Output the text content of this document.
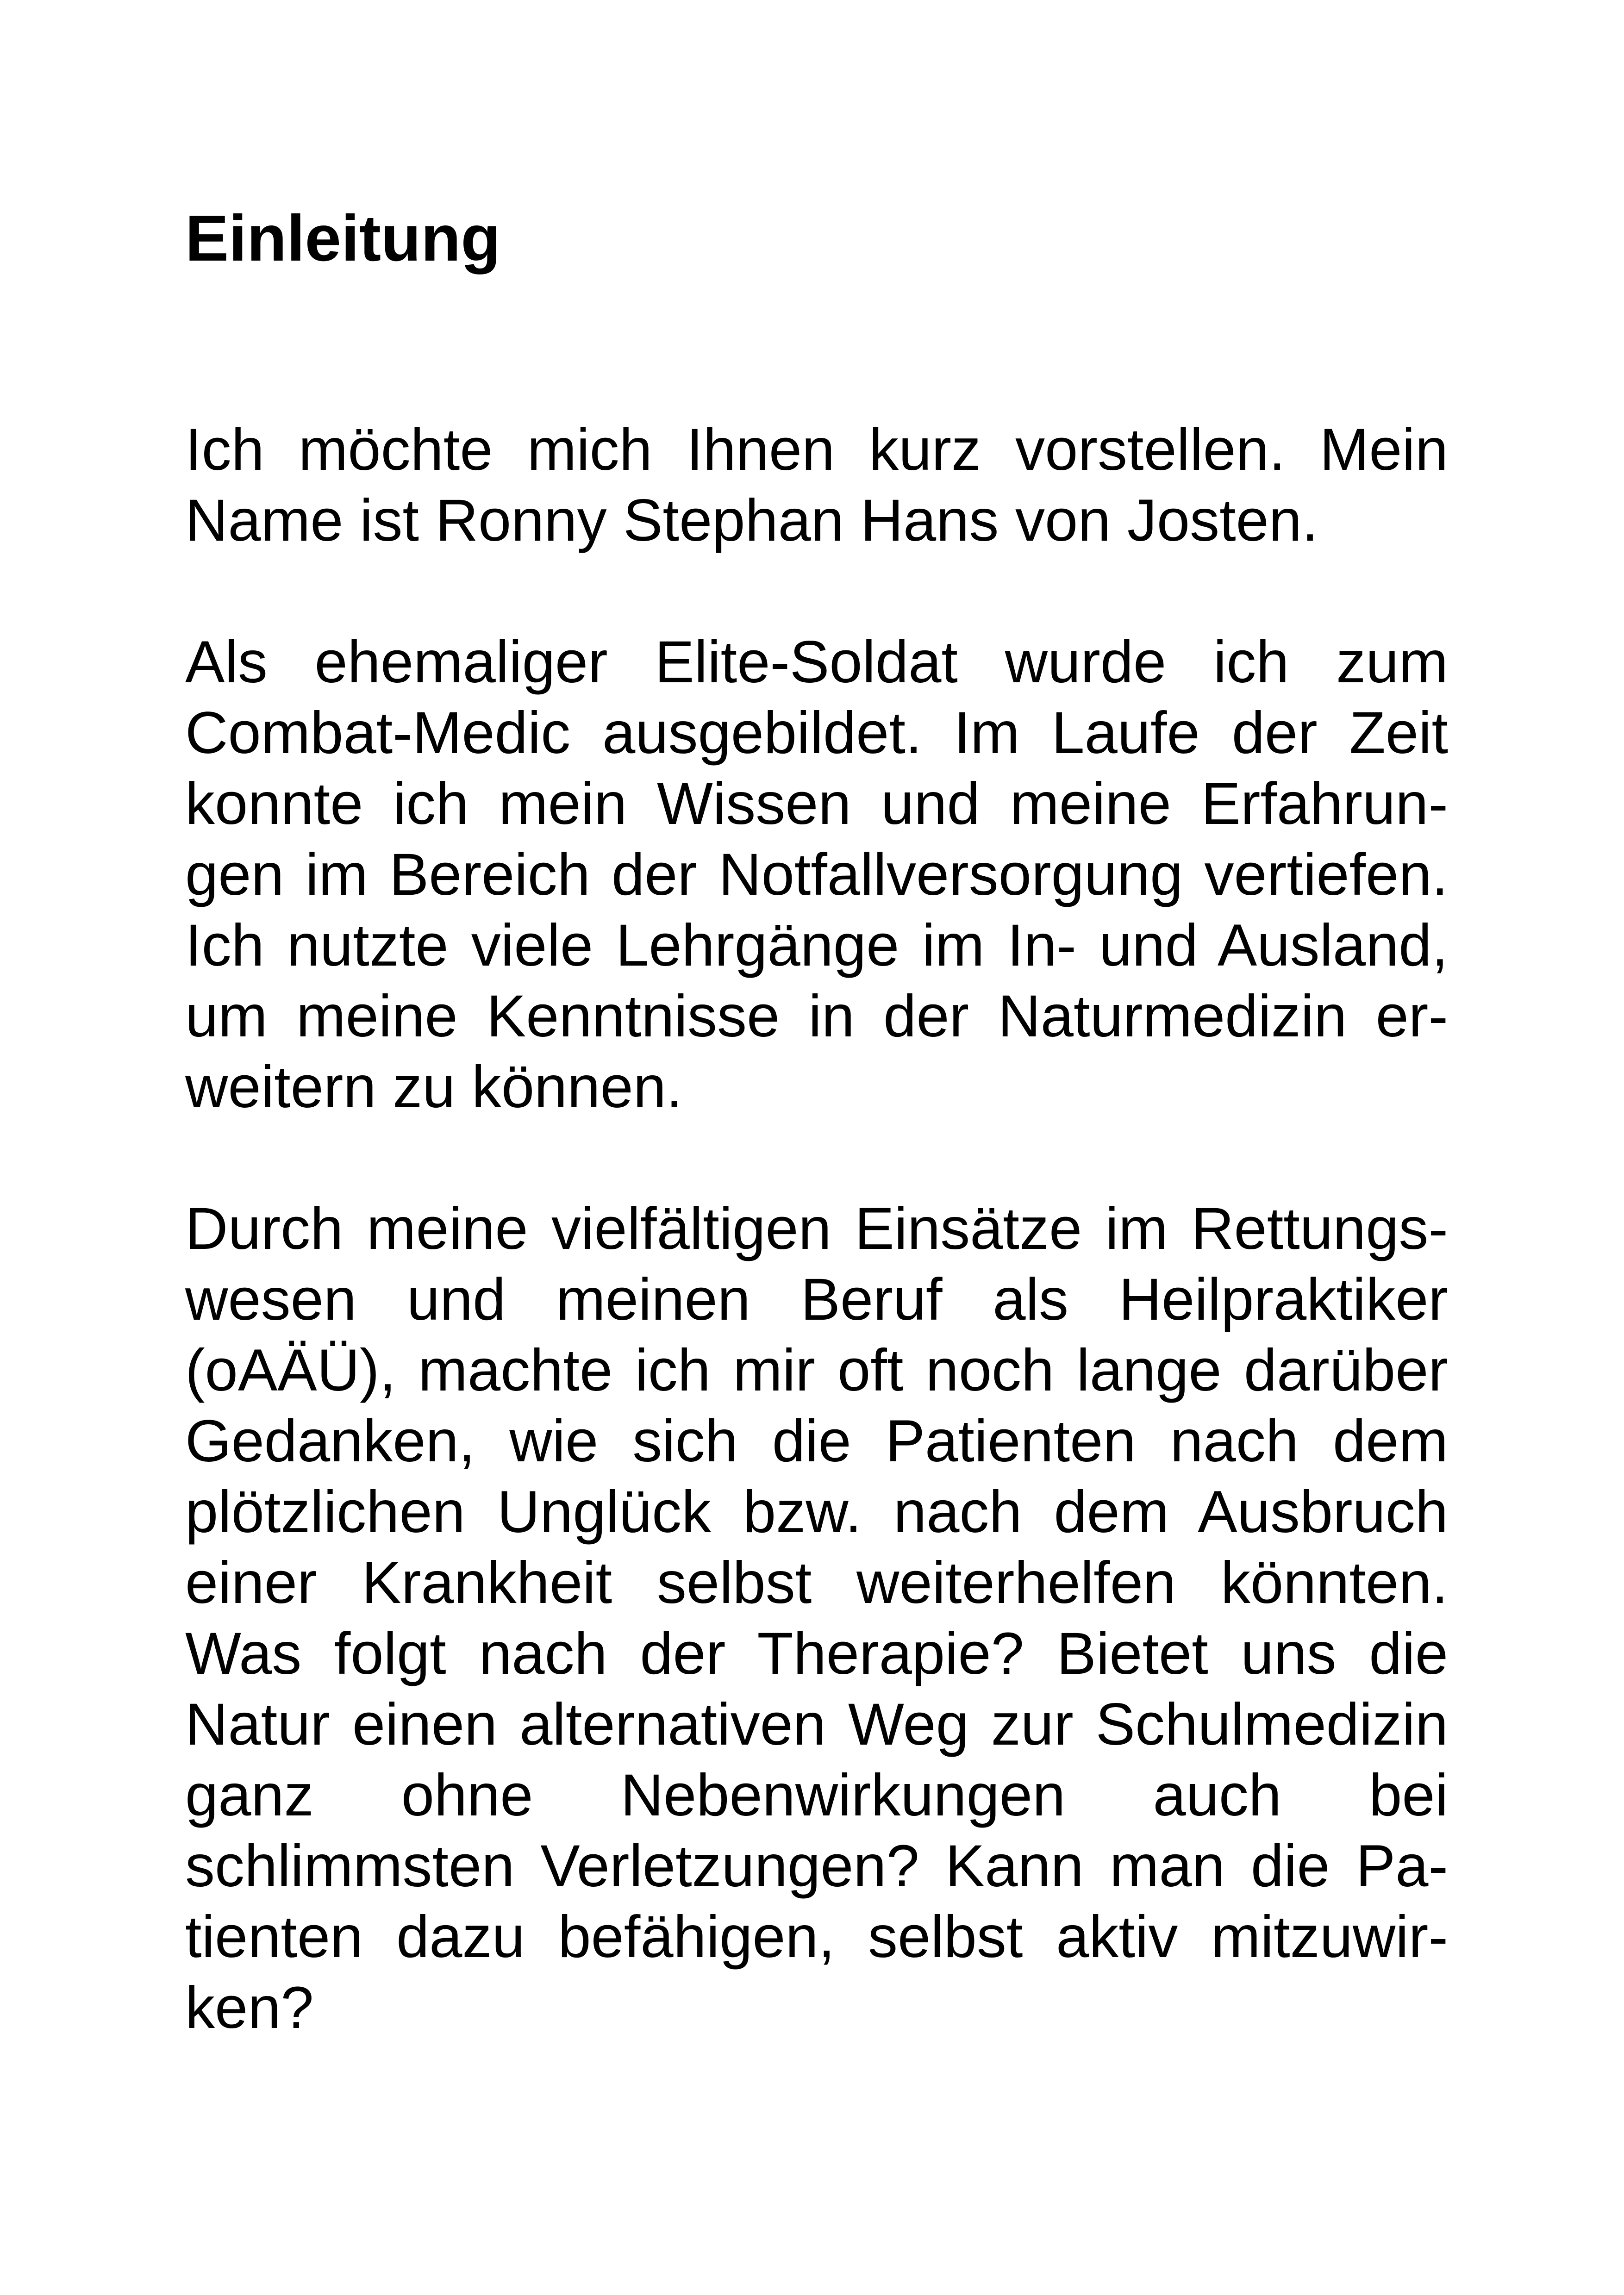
Einleitung
Ich möchte mich Ihnen kurz vorstellen. Mein
Name ist Ronny Stephan Hans von Josten.
Als ehemaliger Elite-Soldat wurde ich zum
Combat-Medic ausgebildet. Im Laufe der Zeit
konnte ich mein Wissen und meine Erfahrun-
gen im Bereich der Notfallversorgung vertiefen.
Ich nutzte viele Lehrgänge im In- und Ausland,
um meine Kenntnisse in der Naturmedizin er-
weitern zu können.
Durch meine vielfältigen Einsätze im Rettungs-
wesen und meinen Beruf als Heilpraktiker
(oAÄÜ), machte ich mir oft noch lange darüber
Gedanken, wie sich die Patienten nach dem
plötzlichen Unglück bzw. nach dem Ausbruch
einer Krankheit selbst weiterhelfen könnten.
Was folgt nach der Therapie? Bietet uns die
Natur einen alternativen Weg zur Schulmedizin
ganz ohne Nebenwirkungen auch bei
schlimmsten Verletzungen? Kann man die Pa-
tienten dazu befähigen, selbst aktiv mitzuwir-
ken?
